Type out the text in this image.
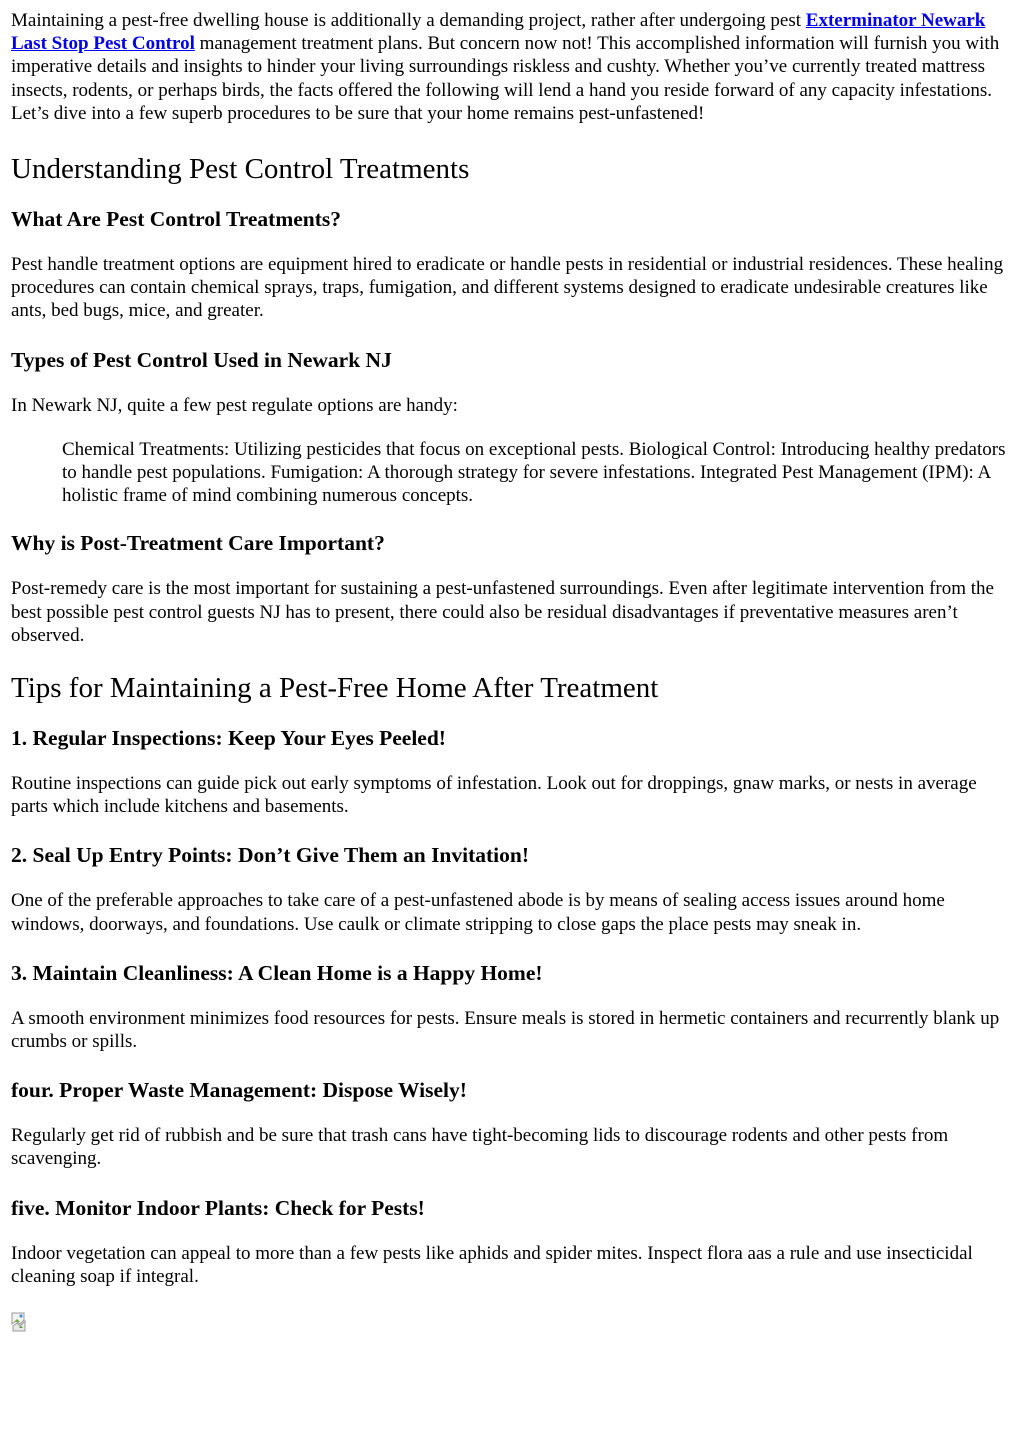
Maintaining a pest-free dwelling house is additionally a demanding project, rather after undergoing pest Exterminator Newark Last Stop Pest Control management treatment plans. But concern now not! This accomplished information will furnish you with imperative details and insights to hinder your living surroundings riskless and cushty. Whether you’ve currently treated mattress insects, rodents, or perhaps birds, the facts offered the following will lend a hand you reside forward of any capacity infestations. Let’s dive into a few superb procedures to be sure that your home remains pest-unfastened!

Understanding Pest Control Treatments
What Are Pest Control Treatments?

Pest handle treatment options are equipment hired to eradicate or handle pests in residential or industrial residences. These healing procedures can contain chemical sprays, traps, fumigation, and different systems designed to eradicate undesirable creatures like ants, bed bugs, mice, and greater.

Types of Pest Control Used in Newark NJ

In Newark NJ, quite a few pest regulate options are handy:

Chemical Treatments: Utilizing pesticides that focus on exceptional pests. Biological Control: Introducing healthy predators to handle pest populations. Fumigation: A thorough strategy for severe infestations. Integrated Pest Management (IPM): A holistic frame of mind combining numerous concepts.

Why is Post-Treatment Care Important?

Post-remedy care is the most important for sustaining a pest-unfastened surroundings. Even after legitimate intervention from the best possible pest control guests NJ has to present, there could also be residual disadvantages if preventative measures aren’t observed.

Tips for Maintaining a Pest-Free Home After Treatment
1. Regular Inspections: Keep Your Eyes Peeled!

Routine inspections can guide pick out early symptoms of infestation. Look out for droppings, gnaw marks, or nests in average parts which include kitchens and basements.

2. Seal Up Entry Points: Don’t Give Them an Invitation!

One of the preferable approaches to take care of a pest-unfastened abode is by means of sealing access issues around home windows, doorways, and foundations. Use caulk or climate stripping to close gaps the place pests may sneak in.

3. Maintain Cleanliness: A Clean Home is a Happy Home!

A smooth environment minimizes food resources for pests. Ensure meals is stored in hermetic containers and recurrently blank up crumbs or spills.

four. Proper Waste Management: Dispose Wisely!

Regularly get rid of rubbish and be sure that trash cans have tight-becoming lids to discourage rodents and other pests from scavenging.

five. Monitor Indoor Plants: Check for Pests!

Indoor vegetation can appeal to more than a few pests like aphids and spider mites. Inspect flora aas a rule and use insecticidal cleaning soap if integral.
